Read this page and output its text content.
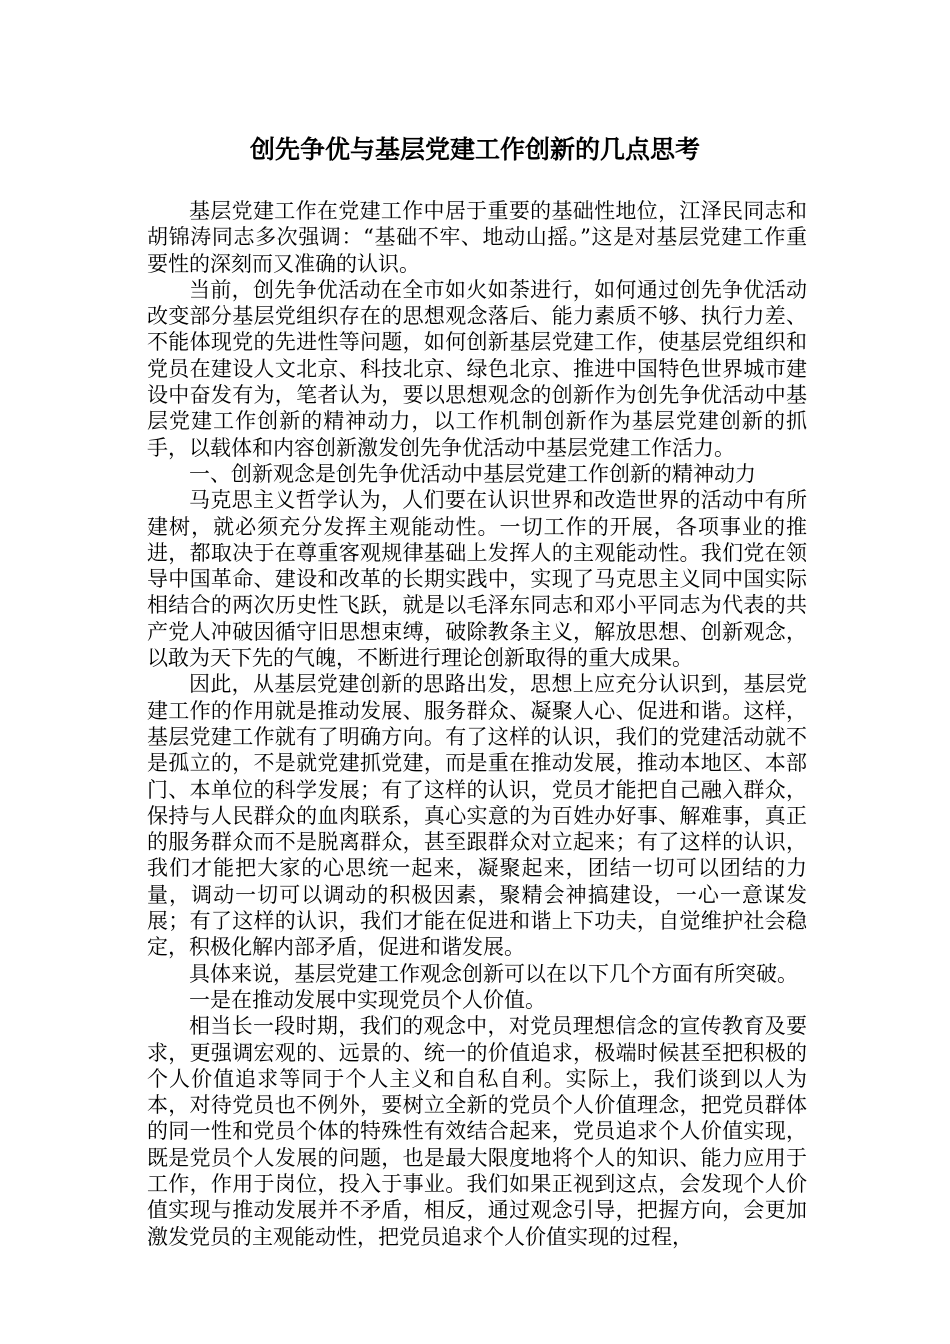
创先争优与基层党建工作创新的几点思考

基层党建工作在党建工作中居于重要的基础性地位，江泽民同志和胡锦涛同志多次强调：“基础不牢、地动山摇。”这是对基层党建工作重要性的深刻而又准确的认识。

当前，创先争优活动在全市如火如荼进行，如何通过创先争优活动改变部分基层党组织存在的思想观念落后、能力素质不够、执行力差、不能体现党的先进性等问题，如何创新基层党建工作，使基层党组织和党员在建设人文北京、科技北京、绿色北京、推进中国特色世界城市建设中奋发有为，笔者认为，要以思想观念的创新作为创先争优活动中基层党建工作创新的精神动力，以工作机制创新作为基层党建创新的抓手，以载体和内容创新激发创先争优活动中基层党建工作活力。

一、创新观念是创先争优活动中基层党建工作创新的精神动力

马克思主义哲学认为，人们要在认识世界和改造世界的活动中有所建树，就必须充分发挥主观能动性。一切工作的开展，各项事业的推进，都取决于在尊重客观规律基础上发挥人的主观能动性。我们党在领导中国革命、建设和改革的长期实践中，实现了马克思主义同中国实际相结合的两次历史性飞跃，就是以毛泽东同志和邓小平同志为代表的共产党人冲破因循守旧思想束缚，破除教条主义，解放思想、创新观念，以敢为天下先的气魄，不断进行理论创新取得的重大成果。

因此，从基层党建创新的思路出发，思想上应充分认识到，基层党建工作的作用就是推动发展、服务群众、凝聚人心、促进和谐。这样，基层党建工作就有了明确方向。有了这样的认识，我们的党建活动就不是孤立的，不是就党建抓党建，而是重在推动发展，推动本地区、本部门、本单位的科学发展；有了这样的认识，党员才能把自己融入群众，保持与人民群众的血肉联系，真心实意的为百姓办好事、解难事，真正的服务群众而不是脱离群众，甚至跟群众对立起来；有了这样的认识，我们才能把大家的心思统一起来，凝聚起来，团结一切可以团结的力量，调动一切可以调动的积极因素，聚精会神搞建设，一心一意谋发展；有了这样的认识，我们才能在促进和谐上下功夫，自觉维护社会稳定，积极化解内部矛盾，促进和谐发展。

具体来说，基层党建工作观念创新可以在以下几个方面有所突破。

一是在推动发展中实现党员个人价值。

相当长一段时期，我们的观念中，对党员理想信念的宣传教育及要求，更强调宏观的、远景的、统一的价值追求，极端时候甚至把积极的个人价值追求等同于个人主义和自私自利。实际上，我们谈到以人为本，对待党员也不例外，要树立全新的党员个人价值理念，把党员群体的同一性和党员个体的特殊性有效结合起来，党员追求个人价值实现，既是党员个人发展的问题，也是最大限度地将个人的知识、能力应用于工作，作用于岗位，投入于事业。我们如果正视到这点，会发现个人价值实现与推动发展并不矛盾，相反，通过观念引导，把握方向，会更加激发党员的主观能动性，把党员追求个人价值实现的过程，
